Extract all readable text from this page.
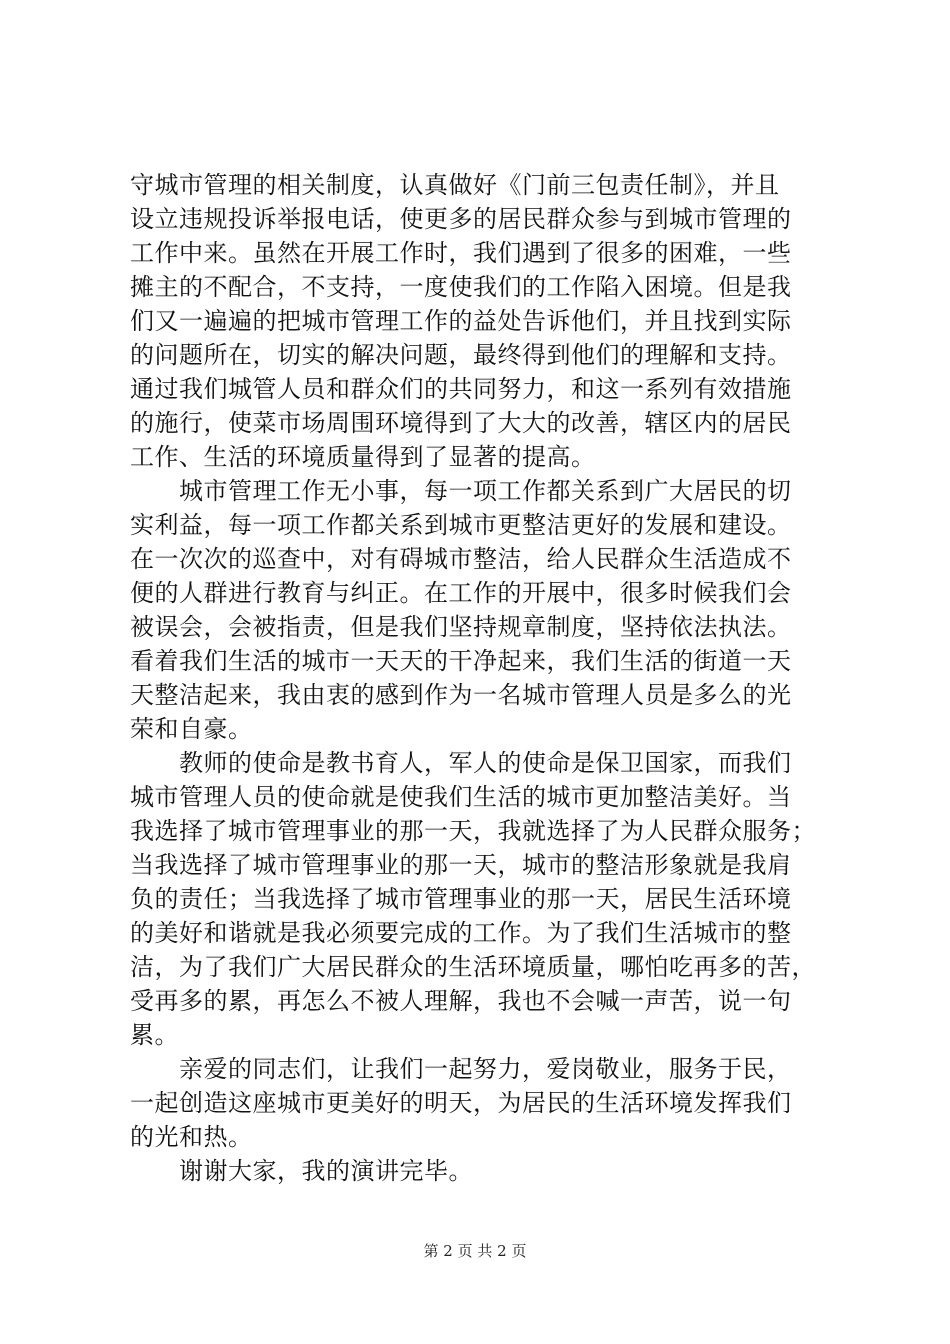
守城市管理的相关制度，认真做好《门前三包责任制》，并且
设立违规投诉举报电话，使更多的居民群众参与到城市管理的
工作中来。虽然在开展工作时，我们遇到了很多的困难，一些
摊主的不配合，不支持，一度使我们的工作陷入困境。但是我
们又一遍遍的把城市管理工作的益处告诉他们，并且找到实际
的问题所在，切实的解决问题，最终得到他们的理解和支持。
通过我们城管人员和群众们的共同努力，和这一系列有效措施
的施行，使菜市场周围环境得到了大大的改善，辖区内的居民
工作、生活的环境质量得到了显著的提高。
　　城市管理工作无小事，每一项工作都关系到广大居民的切
实利益，每一项工作都关系到城市更整洁更好的发展和建设。
在一次次的巡查中，对有碍城市整洁，给人民群众生活造成不
便的人群进行教育与纠正。在工作的开展中，很多时候我们会
被误会，会被指责，但是我们坚持规章制度，坚持依法执法。
看着我们生活的城市一天天的干净起来，我们生活的街道一天
天整洁起来，我由衷的感到作为一名城市管理人员是多么的光
荣和自豪。
　　教师的使命是教书育人，军人的使命是保卫国家，而我们
城市管理人员的使命就是使我们生活的城市更加整洁美好。当
我选择了城市管理事业的那一天，我就选择了为人民群众服务；
当我选择了城市管理事业的那一天，城市的整洁形象就是我肩
负的责任；当我选择了城市管理事业的那一天，居民生活环境
的美好和谐就是我必须要完成的工作。为了我们生活城市的整
洁，为了我们广大居民群众的生活环境质量，哪怕吃再多的苦，
受再多的累，再怎么不被人理解，我也不会喊一声苦，说一句
累。
　　亲爱的同志们，让我们一起努力，爱岗敬业，服务于民，
一起创造这座城市更美好的明天，为居民的生活环境发挥我们
的光和热。
　　谢谢大家，我的演讲完毕。
第 2 页 共 2 页
